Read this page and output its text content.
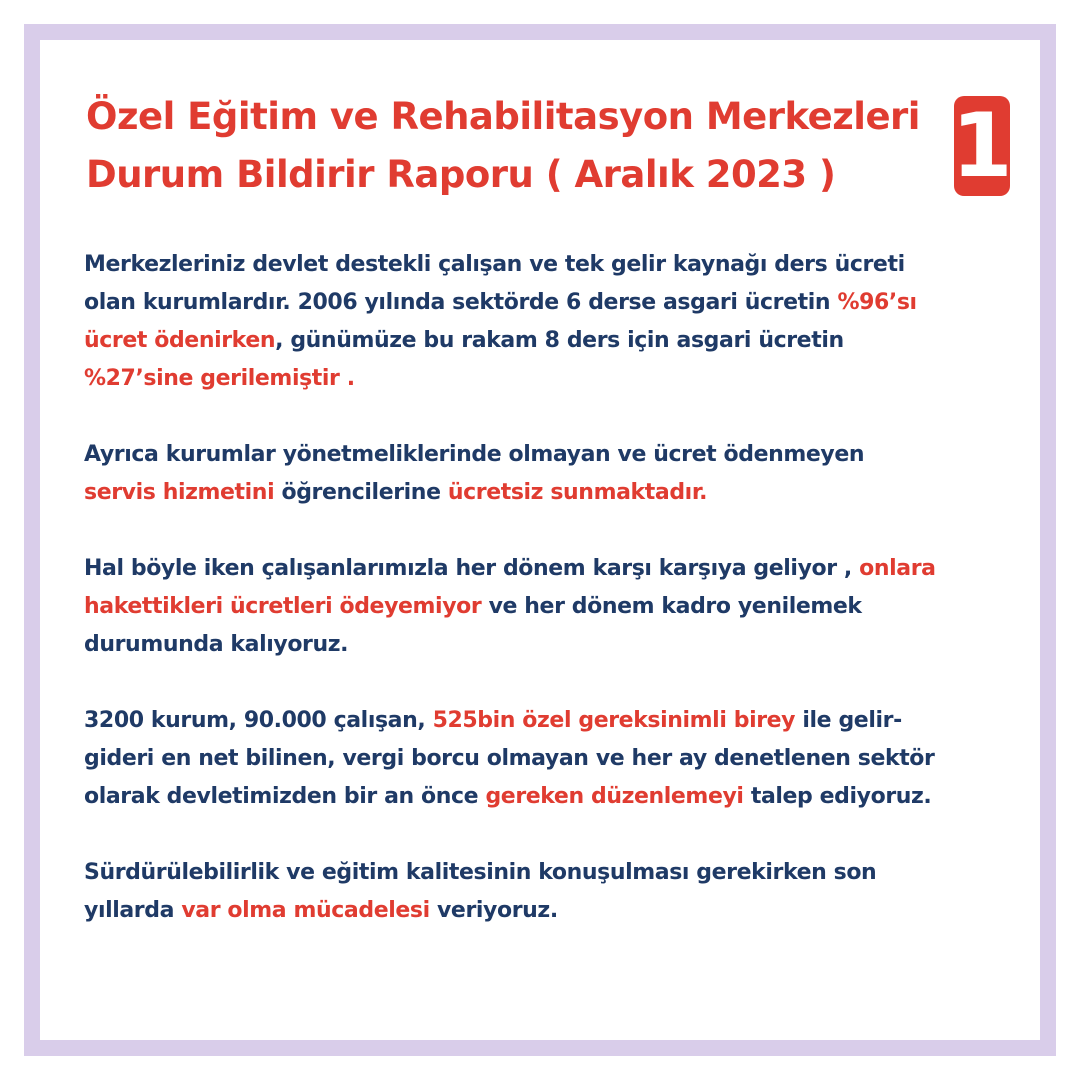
Özel Eğitim ve Rehabilitasyon Merkezleri
Durum Bildirir Raporu ( Aralık 2023 )	1

Merkezleriniz devlet destekli çalışan ve tek gelir kaynağı ders ücreti
olan kurumlardır. 2006 yılında sektörde 6 derse asgari ücretin %96’sı
ücret ödenirken, günümüze bu rakam 8 ders için asgari ücretin
%27’sine gerilemiştir .

Ayrıca kurumlar yönetmeliklerinde olmayan ve ücret ödenmeyen
servis hizmetini öğrencilerine ücretsiz sunmaktadır.

Hal böyle iken çalışanlarımızla her dönem karşı karşıya geliyor , onlara
hakettikleri ücretleri ödeyemiyor ve her dönem kadro yenilemek
durumunda kalıyoruz.

3200 kurum, 90.000 çalışan, 525bin özel gereksinimli birey ile gelir-
gideri en net bilinen, vergi borcu olmayan ve her ay denetlenen sektör
olarak devletimizden bir an önce gereken düzenlemeyi talep ediyoruz.

Sürdürülebilirlik ve eğitim kalitesinin konuşulması gerekirken son
yıllarda var olma mücadelesi veriyoruz.
